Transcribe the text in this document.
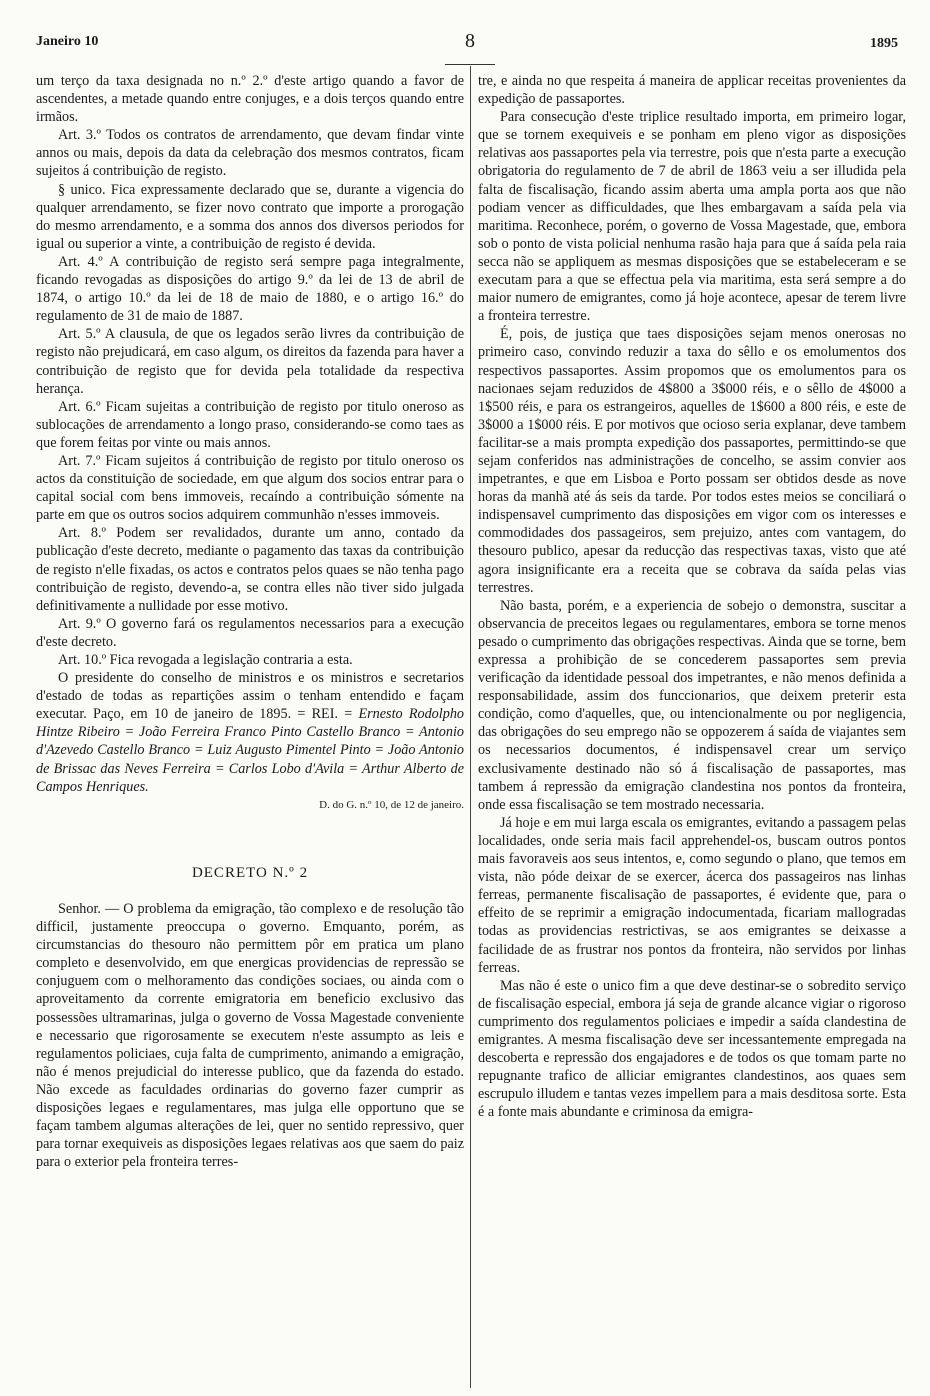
Janeiro 10	8	1895

um terço da taxa designada no n.º 2.º d'este artigo quando a favor de ascendentes, a metade quando entre conjuges, e a dois terços quando entre irmãos.

Art. 3.º Todos os contratos de arrendamento, que devam findar vinte annos ou mais, depois da data da celebração dos mesmos contratos, ficam sujeitos á contribuição de registo.

§ unico. Fica expressamente declarado que se, durante a vigencia do qualquer arrendamento, se fizer novo contrato que importe a prorogação do mesmo arrendamento, e a somma dos annos dos diversos periodos for igual ou superior a vinte, a contribuição de registo é devida.

Art. 4.º A contribuição de registo será sempre paga integralmente, ficando revogadas as disposições do artigo 9.º da lei de 13 de abril de 1874, o artigo 10.º da lei de 18 de maio de 1880, e o artigo 16.º do regulamento de 31 de maio de 1887.

Art. 5.º A clausula, de que os legados serão livres da contribuição de registo não prejudicará, em caso algum, os direitos da fazenda para haver a contribuição de registo que for devida pela totalidade da respectiva herança.

Art. 6.º Ficam sujeitas a contribuição de registo por titulo oneroso as sublocações de arrendamento a longo praso, considerando-se como taes as que forem feitas por vinte ou mais annos.

Art. 7.º Ficam sujeitos á contribuição de registo por titulo oneroso os actos da constituição de sociedade, em que algum dos socios entrar para o capital social com bens immoveis, recaíndo a contribuição sómente na parte em que os outros socios adquirem communhão n'esses immoveis.

Art. 8.º Podem ser revalidados, durante um anno, contado da publicação d'este decreto, mediante o pagamento das taxas da contribuição de registo n'elle fixadas, os actos e contratos pelos quaes se não tenha pago contribuição de registo, devendo-a, se contra elles não tiver sido julgada definitivamente a nullidade por esse motivo.

Art. 9.º O governo fará os regulamentos necessarios para a execução d'este decreto.

Art. 10.º Fica revogada a legislação contraria a esta.

O presidente do conselho de ministros e os ministros e secretarios d'estado de todas as repartições assim o tenham entendido e façam executar. Paço, em 10 de janeiro de 1895. = REI. = Ernesto Rodolpho Hintze Ribeiro = João Ferreira Franco Pinto Castello Branco = Antonio d'Azevedo Castello Branco = Luiz Augusto Pimentel Pinto = João Antonio de Brissac das Neves Ferreira = Carlos Lobo d'Avila = Arthur Alberto de Campos Henriques.

D. do G. n.º 10, de 12 de janeiro.

DECRETO N.º 2

Senhor. — O problema da emigração, tão complexo e de resolução tão difficil, justamente preoccupa o governo. Emquanto, porém, as circumstancias do thesouro não permittem pôr em pratica um plano completo e desenvolvido, em que energicas providencias de repressão se conjuguem com o melhoramento das condições sociaes, ou ainda com o aproveitamento da corrente emigratoria em beneficio exclusivo das possessões ultramarinas, julga o governo de Vossa Magestade conveniente e necessario que rigorosamente se executem n'este assumpto as leis e regulamentos policiaes, cuja falta de cumprimento, animando a emigração, não é menos prejudicial do interesse publico, que da fazenda do estado. Não excede as faculdades ordinarias do governo fazer cumprir as disposições legaes e regulamentares, mas julga elle opportuno que se façam tambem algumas alterações de lei, quer no sentido repressivo, quer para tornar exequiveis as disposições legaes relativas aos que saem do paiz para o exterior pela fronteira terres-

tre, e ainda no que respeita á maneira de applicar receitas provenientes da expedição de passaportes.

Para consecução d'este triplice resultado importa, em primeiro logar, que se tornem exequiveis e se ponham em pleno vigor as disposições relativas aos passaportes pela via terrestre, pois que n'esta parte a execução obrigatoria do regulamento de 7 de abril de 1863 veiu a ser illudida pela falta de fiscalisação, ficando assim aberta uma ampla porta aos que não podiam vencer as difficuldades, que lhes embargavam a saída pela via maritima. Reconhece, porém, o governo de Vossa Magestade, que, embora sob o ponto de vista policial nenhuma rasão haja para que á saída pela raia secca não se appliquem as mesmas disposições que se estabeleceram e se executam para a que se effectua pela via maritima, esta será sempre a do maior numero de emigrantes, como já hoje acontece, apesar de terem livre a fronteira terrestre.

É, pois, de justiça que taes disposições sejam menos onerosas no primeiro caso, convindo reduzir a taxa do sêllo e os emolumentos dos respectivos passaportes. Assim propomos que os emolumentos para os nacionaes sejam reduzidos de 4$800 a 3$000 réis, e o sêllo de 4$000 a 1$500 réis, e para os estrangeiros, aquelles de 1$600 a 800 réis, e este de 3$000 a 1$000 réis. E por motivos que ocioso seria explanar, deve tambem facilitar-se a mais prompta expedição dos passaportes, permittindo-se que sejam conferidos nas administrações de concelho, se assim convier aos impetrantes, e que em Lisboa e Porto possam ser obtidos desde as nove horas da manhã até ás seis da tarde. Por todos estes meios se conciliará o indispensavel cumprimento das disposições em vigor com os interesses e commodidades dos passageiros, sem prejuizo, antes com vantagem, do thesouro publico, apesar da reducção das respectivas taxas, visto que até agora insignificante era a receita que se cobrava da saída pelas vias terrestres.

Não basta, porém, e a experiencia de sobejo o demonstra, suscitar a observancia de preceitos legaes ou regulamentares, embora se torne menos pesado o cumprimento das obrigações respectivas. Ainda que se torne, bem expressa a prohibição de se concederem passaportes sem previa verificação da identidade pessoal dos impetrantes, e não menos definida a responsabilidade, assim dos funccionarios, que deixem preterir esta condição, como d'aquelles, que, ou intencionalmente ou por negligencia, das obrigações do seu emprego não se oppozerem á saída de viajantes sem os necessarios documentos, é indispensavel crear um serviço exclusivamente destinado não só á fiscalisação de passaportes, mas tambem á repressão da emigração clandestina nos pontos da fronteira, onde essa fiscalisação se tem mostrado necessaria.

Já hoje e em mui larga escala os emigrantes, evitando a passagem pelas localidades, onde seria mais facil apprehendel-os, buscam outros pontos mais favoraveis aos seus intentos, e, como segundo o plano, que temos em vista, não póde deixar de se exercer, ácerca dos passageiros nas linhas ferreas, permanente fiscalisação de passaportes, é evidente que, para o effeito de se reprimir a emigração indocumentada, ficariam mallogradas todas as providencias restrictivas, se aos emigrantes se deixasse a facilidade de as frustrar nos pontos da fronteira, não servidos por linhas ferreas.

Mas não é este o unico fim a que deve destinar-se o sobredito serviço de fiscalisação especial, embora já seja de grande alcance vigiar o rigoroso cumprimento dos regulamentos policiaes e impedir a saída clandestina de emigrantes. A mesma fiscalisação deve ser incessantemente empregada na descoberta e repressão dos engajadores e de todos os que tomam parte no repugnante trafico de alliciar emigrantes clandestinos, aos quaes sem escrupulo illudem e tantas vezes impellem para a mais desditosa sorte. Esta é a fonte mais abundante e criminosa da emigra-
